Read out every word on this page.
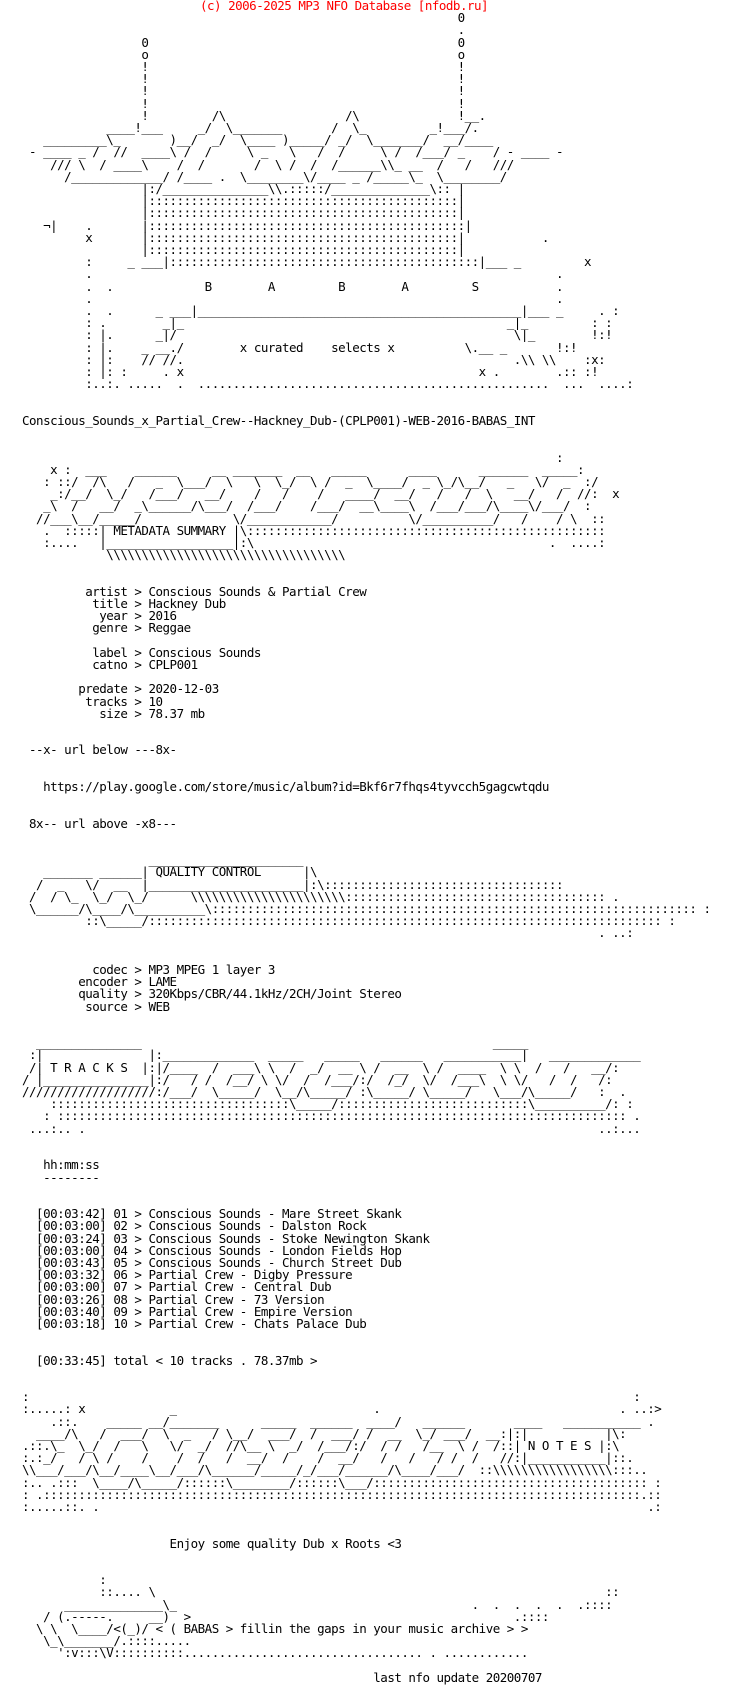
(c) 2006-2025 MP3 NFO Database [nfodb.ru]
0
.
0                                            0
o                                            o
!                                            !
!                                            !
!                                            !
!                                            !
!         /\                 /\              !__.
____!___     _/  \_______       /  \_         _!___/.
_________\_       )__/  _/  \____ )_____/ _/  \_______/  __/____
- ____ _ /  //  ____\ /  /     \ _   \   /  /     \ /  /___/ _    / - ____ -
/// \  / ____\    /  /       /  \ /  /  /______\\_ __  /   /   ///
/_____________/ /____ .  \________\/____ _ /_____\_  \________/
|:/_______________\\.:::::/______________\:: |
|::::::::::::::::::::::::::::::::::::::::::::|
|::::::::::::::::::::::::::::::::::::::::::::|
¬|    .       |:::::::::::::::::::::::::::::::::::::::::::::|
x       |::::::::::::::::::::::::::::::::::::::::::::|           .
|::::::::::::::::::::::::::::::::::::::::::::|
:     _ ___|::::::::::::::::::::::::::::::::::::::::::::|___ _         x
.                                                                  .
.  .             B        A         B        A         S           .
.                                                                  .
.  .      _ ___|______________________________________________|___ _     . :
: .        _|_                                              _|_         : :
: |.      _|/                                                \|_        !:!
: |.    _ __./        x curated    selects x          \.__ _       !:!
: |:    // //.                                               .\\ \\    :x:
: |: :     . x                                          x .        .:: :!
:..:. .....  .  ..................................................  ...  ....:

Conscious_Sounds_x_Partial_Crew--Hackney_Dub-(CPLP001)-WEB-2016-BABAS_INT

:
x :  ___    ______     __ _______  __   _____      ____      _______  _____:
: ::/  /\   /   _  \___/  \   \  \_/  \ /  _  \____/  _ \_/\__/   _   \/  _  :/
_:/__/  \_/   /___/   __/    /   /    /   ____/  __/   /   /  \   __/   /  //:  x
_\  /   __/  _\______/\___/  /___/    /___/  __\____\  /___/___/\____\/___/  :
//___\__/_____/             \/____________/          \/__________/   /    / \  ::
.  :::::| METADATA SUMMARY |\:::::::::::::::::::::::::::::::::::::::::::::::::::
:....   |__________________|:\                                          .  ....:
\\\\\\\\\\\\\\\\\\\\\\\\\\\\\\\\\\

artist > Conscious Sounds & Partial Crew
title > Hackney Dub
year > 2016
genre > Reggae

label > Conscious Sounds
catno > CPLP001

predate > 2020-12-03
tracks > 10
size > 78.37 mb

--x- url below ---8x-

https://play.google.com/store/music/album?id=Bkf6r7fhqs4tyvcch5gagcwtqdu

8x-- url above -x8---

______________________
_______ ______| QUALITY CONTROL      |\
/  _   \/  __  |______________________|:\::::::::::::::::::::::::::::::::::
/  / \_  \_/  \_/      \\\\\\\\\\\\\\\\\\\\\\::::::::::::::::::::::::::::::::::::: .
\______/\____/\__________\::::::::::::::::::::::::::::::::::::::::::::::::::::::::::::::::::::: :
::\_____/::::::::::::::::::::::::::::::::::::::::::::::::::::::::::::::::::::::::: :
. ..:

codec > MP3 MPEG 1 layer 3
encoder > LAME
quality > 320Kbps/CBR/44.1kHz/2CH/Joint Stereo
source > WEB

_______________                                                  _____
:|               |:_____________  _____   _____   ______   ___________|   _____________
/| T R A C K S  |:|/____  /  ___\ \  /  _/  __ \ /  __  \ /  ____  \ \  /   /   __/:
/ |_______________|:/   / /  /__/ \ \/  /  /___/:/  /_/  \/  /___\  \ \/   /  /   /:
///////////////////:/___/  \_____/  \__/\_____/ :\_____/ \_____/   \___/\_____/   :  .
::::::::::::::::::::::::::::::::::\_____/:::::::::::::::::::::::::::\__________/: :
: ::::::::::::::::::::::::::::::::::::::::::::::::::::::::::::::::::::::::::::::::: .
...:.. .                                                                         ..:...

hh:mm:ss
--------

[00:03:42] 01 > Conscious Sounds - Mare Street Skank
[00:03:00] 02 > Conscious Sounds - Dalston Rock
[00:03:24] 03 > Conscious Sounds - Stoke Newington Skank
[00:03:00] 04 > Conscious Sounds - London Fields Hop
[00:03:43] 05 > Conscious Sounds - Church Street Dub
[00:03:32] 06 > Partial Crew - Digby Pressure
[00:03:00] 07 > Partial Crew - Central Dub
[00:03:26] 08 > Partial Crew - 73 Version
[00:03:40] 09 > Partial Crew - Empire Version
[00:03:18] 10 > Partial Crew - Chats Palace Dub

[00:33:45] total < 10 tracks . 78.37mb >

:                                                                                      :
:.....: x            _                            .                                  . ..:>
.::.    _____ __/_______      _____  ______  ____/   ______       ____   ___________ .
____/\   /  ___/  \  _   / \__/  ___/  /  ___/ /  __  \_/ ___/  __:|:|           |\:
.::.\_  \_/  /   \   \/  _/  //\__ \  _/  /___/:/  / /   /__  \ /  /::| N O T E S |:\
:.:_/   / \ /    /    /  /   /  __/  /    /  __/   /   /   / /  /   //:|___________|::.
\\___/___/\__/____\__/___/\______/_____/_/___/______/\____/___/  ::\\\\\\\\\\\\\\\\\:::..
:.. .:::  \____/\_____/::::::\________/::::::\___/::::::::::::::::::::::::::::::::::::::: :
: .:::::::::::::::::::::::::::::::::::::::::::::::::::::::::::::::::::::::::::::::::::::.::
:.....::. .                                                                              .:

Enjoy some quality Dub x Roots <3

:
::.... \                                                                ::
______________\_                                          .  .  .  .  .  .::::
/ (.-----.     __)  >                                              .::::
\ \  \____/<(_)/ < ( BABAS > fillin the gaps in your music archive > >
\_\_______/.::::.....
':v:::\V::::::::::.................................. . ............

last nfo update 20200707
